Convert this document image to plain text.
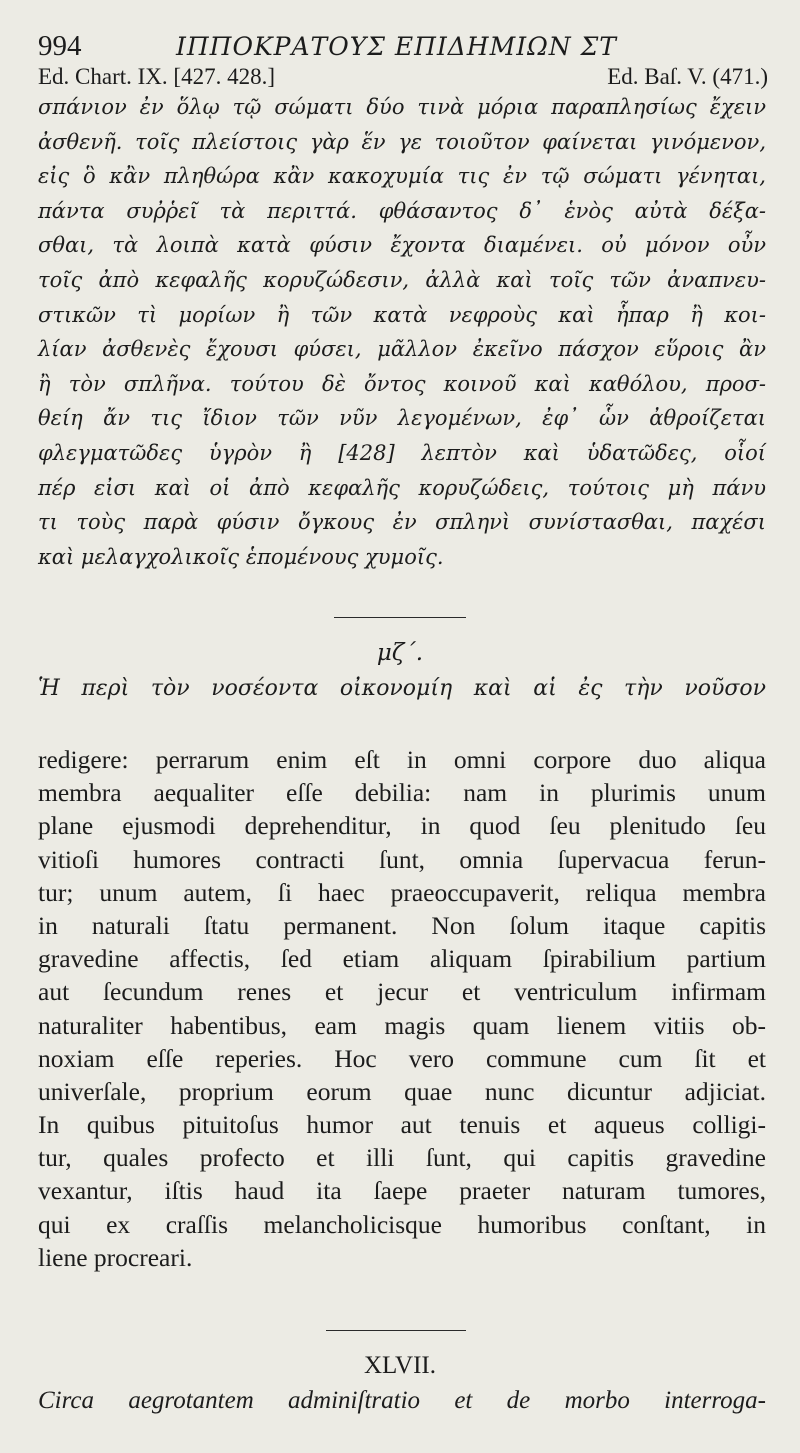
994	ΙΠΠΟΚΡΑΤΟΥΣ ΕΠΙΔΗΜΙΩΝ ΣΤ
Ed. Chart. IX. [427. 428.]	Ed. Baſ. V. (471.)
σπάνιον ἐν ὅλῳ τῷ σώματι δύο τινὰ μόρια παραπλησίως ἔχειν
ἀσθενῆ. τοῖς πλείστοις γὰρ ἕν γε τοιοῦτον φαίνεται γινόμενον,
εἰς ὃ κἂν πληθώρα κἂν κακοχυμία τις ἐν τῷ σώματι γένηται,
πάντα συῤῥεῖ τὰ περιττά. φθάσαντος δ᾽ ἑνὸς αὐτὰ δέξα-
σθαι, τὰ λοιπὰ κατὰ φύσιν ἔχοντα διαμένει. οὐ μόνον οὖν
τοῖς ἀπὸ κεφαλῆς κορυζώδεσιν, ἀλλὰ καὶ τοῖς τῶν ἀναπνευ-
στικῶν τὶ μορίων ἢ τῶν κατὰ νεφροὺς καὶ ἧπαρ ἢ κοι-
λίαν ἀσθενὲς ἔχουσι φύσει, μᾶλλον ἐκεῖνο πάσχον εὕροις ἂν
ἢ τὸν σπλῆνα. τούτου δὲ ὄντος κοινοῦ καὶ καθόλου, προσ-
θείη ἄν τις ἴδιον τῶν νῦν λεγομένων, ἐφ᾽ ὧν ἀθροίζεται
φλεγματῶδες ὑγρὸν ἢ [428] λεπτὸν καὶ ὑδατῶδες, οἷοί
πέρ εἰσι καὶ οἱ ἀπὸ κεφαλῆς κορυζώδεις, τούτοις μὴ πάνυ
τι τοὺς παρὰ φύσιν ὄγκους ἐν σπληνὶ συνίστασθαι, παχέσι
καὶ μελαγχολικοῖς ἑπομένους χυμοῖς.
μζ΄.
Ἡ περὶ τὸν νοσέοντα οἰκονομίη καὶ αἱ ἐς τὴν νοῦσον
redigere: perrarum enim eſt in omni corpore duo aliqua
membra aequaliter eſſe debilia: nam in plurimis unum
plane ejusmodi deprehenditur, in quod ſeu plenitudo ſeu
vitioſi humores contracti ſunt, omnia ſupervacua ferun-
tur; unum autem, ſi haec praeoccupaverit, reliqua membra
in naturali ſtatu permanent. Non ſolum itaque capitis
gravedine affectis, ſed etiam aliquam ſpirabilium partium
aut ſecundum renes et jecur et ventriculum infirmam
naturaliter habentibus, eam magis quam lienem vitiis ob-
noxiam eſſe reperies. Hoc vero commune cum ſit et
univerſale, proprium eorum quae nunc dicuntur adjiciat.
In quibus pituitoſus humor aut tenuis et aqueus colligi-
tur, quales profecto et illi ſunt, qui capitis gravedine
vexantur, iſtis haud ita ſaepe praeter naturam tumores,
qui ex craſſis melancholicisque humoribus conſtant, in
liene procreari.
XLVII.
Circa aegrotantem adminiſtratio et de morbo interroga-
